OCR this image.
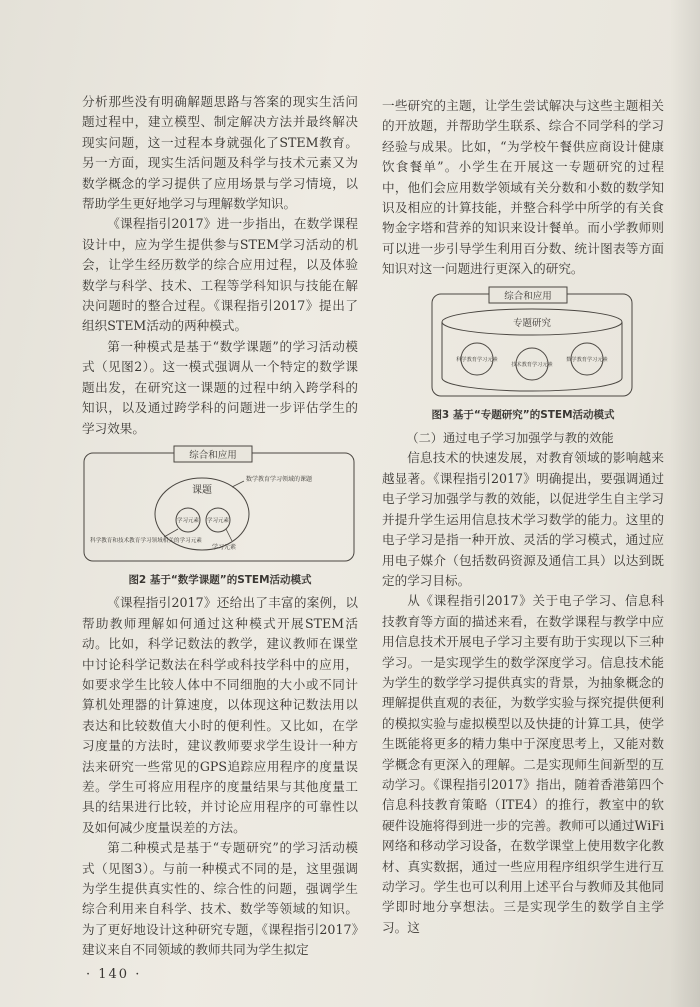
分析那些没有明确解题思路与答案的现实生活问题过程中，建立模型、制定解决方法并最终解决现实问题，这一过程本身就强化了STEM教育。另一方面，现实生活问题及科学与技术元素又为数学概念的学习提供了应用场景与学习情境，以帮助学生更好地学习与理解数学知识。

《课程指引2017》进一步指出，在数学课程设计中，应为学生提供参与STEM学习活动的机会，让学生经历数学的综合应用过程，以及体验数学与科学、技术、工程等学科知识与技能在解决问题时的整合过程。《课程指引2017》提出了组织STEM活动的两种模式。

第一种模式是基于“数学课题”的学习活动模式（见图2）。这一模式强调从一个特定的数学课题出发，在研究这一课题的过程中纳入跨学科的知识，以及通过跨学科的问题进一步评估学生的学习效果。

综合和应用
课题
学习元素 学习元素
数学教育学习领域的课题
科学教育和技术教育学习领域相关的学习元素
学习元素
图2 基于“数学课题”的STEM活动模式

《课程指引2017》还给出了丰富的案例，以帮助教师理解如何通过这种模式开展STEM活动。比如，科学记数法的教学，建议教师在课堂中讨论科学记数法在科学或科技学科中的应用，如要求学生比较人体中不同细胞的大小或不同计算机处理器的计算速度，以体现这种记数法用以表达和比较数值大小时的便利性。又比如，在学习度量的方法时，建议教师要求学生设计一种方法来研究一些常见的GPS追踪应用程序的度量误差。学生可将应用程序的度量结果与其他度量工具的结果进行比较，并讨论应用程序的可靠性以及如何减少度量误差的方法。

第二种模式是基于“专题研究”的学习活动模式（见图3）。与前一种模式不同的是，这里强调为学生提供真实性的、综合性的问题，强调学生综合利用来自科学、技术、数学等领域的知识。为了更好地设计这种研究专题，《课程指引2017》建议来自不同领域的教师共同为学生拟定

一些研究的主题，让学生尝试解决与这些主题相关的开放题，并帮助学生联系、综合不同学科的学习经验与成果。比如，“为学校午餐供应商设计健康饮食餐单”。小学生在开展这一专题研究的过程中，他们会应用数学领域有关分数和小数的数学知识及相应的计算技能，并整合科学中所学的有关食物金字塔和营养的知识来设计餐单。而小学教师则可以进一步引导学生利用百分数、统计图表等方面知识对这一问题进行更深入的研究。

综合和应用
专题研究
科学教育学习元素
技术教育学习元素
数学教育学习元素
图3 基于“专题研究”的STEM活动模式

（二）通过电子学习加强学与教的效能

信息技术的快速发展，对教育领域的影响越来越显著。《课程指引2017》明确提出，要强调通过电子学习加强学与教的效能，以促进学生自主学习并提升学生运用信息技术学习数学的能力。这里的电子学习是指一种开放、灵活的学习模式，通过应用电子媒介（包括数码资源及通信工具）以达到既定的学习目标。

从《课程指引2017》关于电子学习、信息科技教育等方面的描述来看，在数学课程与教学中应用信息技术开展电子学习主要有助于实现以下三种学习。一是实现学生的数学深度学习。信息技术能为学生的数学学习提供真实的背景，为抽象概念的理解提供直观的表征，为数学实验与探究提供便利的模拟实验与虚拟模型以及快捷的计算工具，使学生既能将更多的精力集中于深度思考上，又能对数学概念有更深入的理解。二是实现师生间新型的互动学习。《课程指引2017》指出，随着香港第四个信息科技教育策略（ITE4）的推行，教室中的软硬件设施将得到进一步的完善。教师可以通过WiFi网络和移动学习设备，在数学课堂上使用数字化教材、真实数据，通过一些应用程序组织学生进行互动学习。学生也可以利用上述平台与教师及其他同学即时地分享想法。三是实现学生的数学自主学习。这

· 140 ·
